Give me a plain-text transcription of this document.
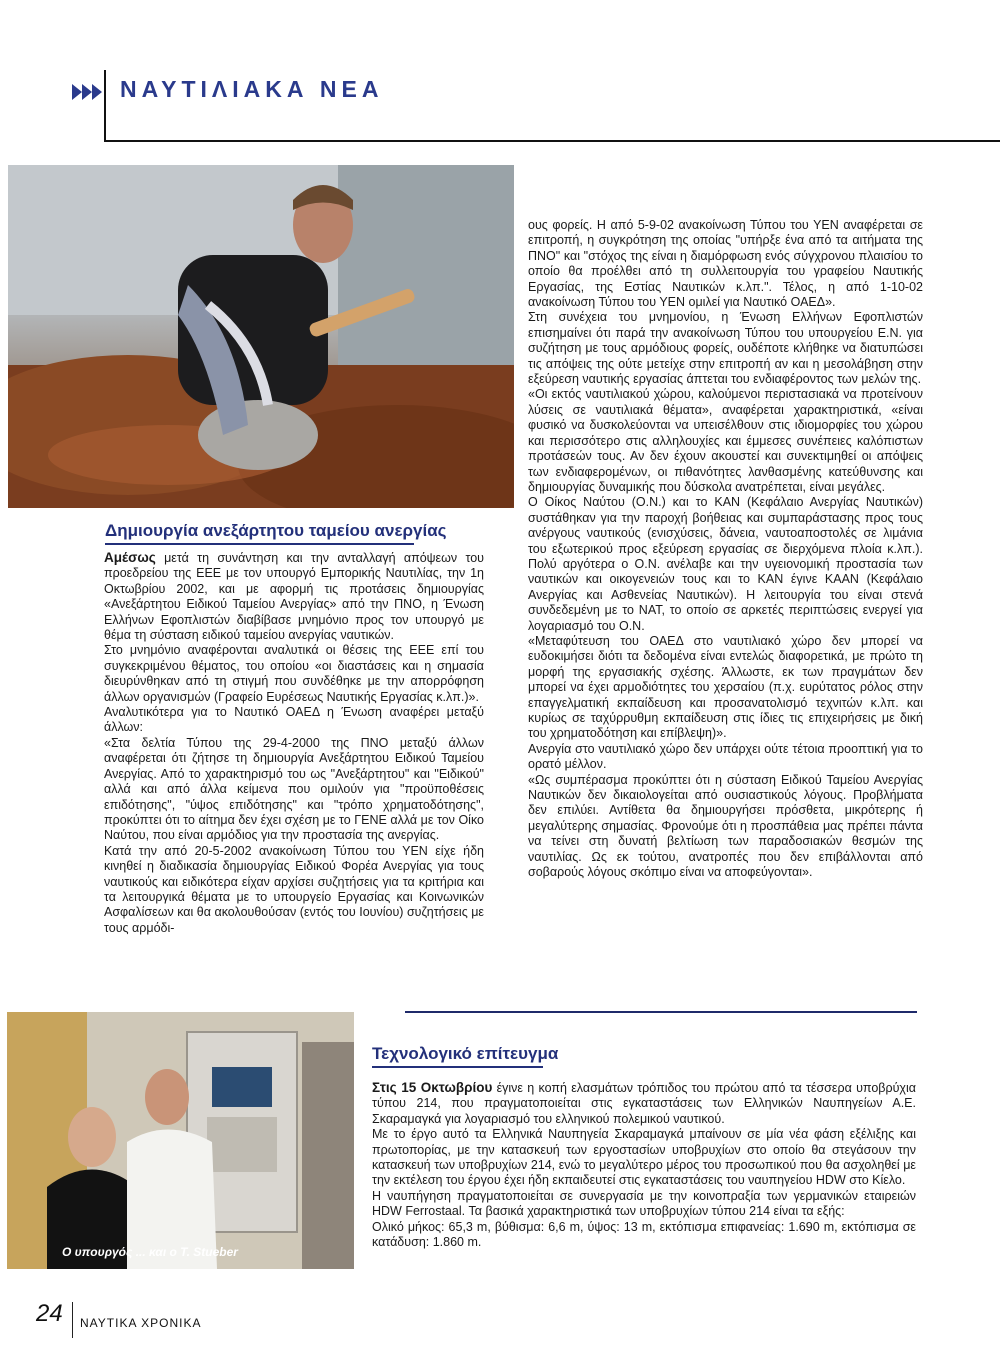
ΝΑΥΤΙΛΙΑΚΑ ΝΕΑ
Δημιουργία ανεξάρτητου ταμείου ανεργίας

Αμέσως μετά τη συνάντηση και την ανταλλαγή απόψεων του προεδρείου της ΕΕΕ με τον υπουργό Εμπορικής Ναυτιλίας, την 1η Οκτωβρίου 2002, και με αφορμή τις προτάσεις δημιουργίας «Ανεξάρτητου Ειδικού Ταμείου Ανεργίας» από την ΠΝΟ, η Ένωση Ελλήνων Εφοπλιστών διαβίβασε μνημόνιο προς τον υπουργό με θέμα τη σύσταση ειδικού ταμείου ανεργίας ναυτικών.

Στο μνημόνιο αναφέρονται αναλυτικά οι θέσεις της ΕΕΕ επί του συγκεκριμένου θέματος, του οποίου «οι διαστάσεις και η σημασία διευρύνθηκαν από τη στιγμή που συνδέθηκε με την απορρόφηση άλλων οργανισμών (Γραφείο Ευρέσεως Ναυτικής Εργασίας κ.λπ.)».

Αναλυτικότερα για το Ναυτικό ΟΑΕΔ η Ένωση αναφέρει μεταξύ άλλων:

«Στα δελτία Τύπου της 29-4-2000 της ΠΝΟ μεταξύ άλλων αναφέρεται ότι ζήτησε τη δημιουργία Ανεξάρτητου Ειδικού Ταμείου Ανεργίας. Από το χαρακτηρισμό του ως "Ανεξάρτητου" και "Ειδικού" αλλά και από άλλα κείμενα που ομιλούν για "προϋποθέσεις επιδότησης", "ύψος επιδότησης" και "τρόπο χρηματοδότησης", προκύπτει ότι το αίτημα δεν έχει σχέση με το ΓΕΝΕ αλλά με τον Οίκο Ναύτου, που είναι αρμόδιος για την προστασία της ανεργίας.

Κατά την από 20-5-2002 ανακοίνωση Τύπου του ΥΕΝ είχε ήδη κινηθεί η διαδικασία δημιουργίας Ειδικού Φορέα Ανεργίας για τους ναυτικούς και ειδικότερα είχαν αρχίσει συζητήσεις για τα κριτήρια και τα λειτουργικά θέματα με το υπουργείο Εργασίας και Κοινωνικών Ασφαλίσεων και θα ακολουθούσαν (εντός του Ιουνίου) συζητήσεις με τους αρμόδι-

ους φορείς. Η από 5-9-02 ανακοίνωση Τύπου του ΥΕΝ αναφέρεται σε επιτροπή, η συγκρότηση της οποίας "υπήρξε ένα από τα αιτήματα της ΠΝΟ" και "στόχος της είναι η διαμόρφωση ενός σύγχρονου πλαισίου το οποίο θα προέλθει από τη συλλειτουργία του γραφείου Ναυτικής Εργασίας, της Εστίας Ναυτικών κ.λπ.". Τέλος, η από 1-10-02 ανακοίνωση Τύπου του ΥΕΝ ομιλεί για Ναυτικό ΟΑΕΔ».

Στη συνέχεια του μνημονίου, η Ένωση Ελλήνων Εφοπλιστών επισημαίνει ότι παρά την ανακοίνωση Τύπου του υπουργείου Ε.Ν. για συζήτηση με τους αρμόδιους φορείς, ουδέποτε κλήθηκε να διατυπώσει τις απόψεις της ούτε μετείχε στην επιτροπή αν και η μεσολάβηση στην εξεύρεση ναυτικής εργασίας άπτεται του ενδιαφέροντος των μελών της.

«Οι εκτός ναυτιλιακού χώρου, καλούμενοι περιστασιακά να προτείνουν λύσεις σε ναυτιλιακά θέματα», αναφέρεται χαρακτηριστικά, «είναι φυσικό να δυσκολεύονται να υπεισέλθουν στις ιδιομορφίες του χώρου και περισσότερο στις αλληλουχίες και έμμεσες συνέπειες καλόπιστων προτάσεών τους. Αν δεν έχουν ακουστεί και συνεκτιμηθεί οι απόψεις των ενδιαφερομένων, οι πιθανότητες λανθασμένης κατεύθυνσης και δημιουργίας δυναμικής που δύσκολα ανατρέπεται, είναι μεγάλες.

Ο Οίκος Ναύτου (Ο.Ν.) και το ΚΑΝ (Κεφάλαιο Ανεργίας Ναυτικών) συστάθηκαν για την παροχή βοήθειας και συμπαράστασης προς τους ανέργους ναυτικούς (ενισχύσεις, δάνεια, ναυτοαποστολές σε λιμάνια του εξωτερικού προς εξεύρεση εργασίας σε διερχόμενα πλοία κ.λπ.). Πολύ αργότερα ο Ο.Ν. ανέλαβε και την υγειονομική προστασία των ναυτικών και οικογενειών τους και το ΚΑΝ έγινε ΚΑΑΝ (Κεφάλαιο Ανεργίας και Ασθενείας Ναυτικών). Η λειτουργία του είναι στενά συνδεδεμένη με το ΝΑΤ, το οποίο σε αρκετές περιπτώσεις ενεργεί για λογαριασμό του Ο.Ν.

«Μεταφύτευση του ΟΑΕΔ στο ναυτιλιακό χώρο δεν μπορεί να ευδοκιμήσει διότι τα δεδομένα είναι εντελώς διαφορετικά, με πρώτο τη μορφή της εργασιακής σχέσης. Άλλωστε, εκ των πραγμάτων δεν μπορεί να έχει αρμοδιότητες του χερσαίου (π.χ. ευρύτατος ρόλος στην επαγγελματική εκπαίδευση και προσανατολισμό τεχνιτών κ.λπ. και κυρίως σε ταχύρρυθμη εκπαίδευση στις ίδιες τις επιχειρήσεις με δική του χρηματοδότηση και επίβλεψη)».

Ανεργία στο ναυτιλιακό χώρο δεν υπάρχει ούτε τέτοια προοπτική για το ορατό μέλλον.

«Ως συμπέρασμα προκύπτει ότι η σύσταση Ειδικού Ταμείου Ανεργίας Ναυτικών δεν δικαιολογείται από ουσιαστικούς λόγους. Προβλήματα δεν επιλύει. Αντίθετα θα δημιουργήσει πρόσθετα, μικρότερης ή μεγαλύτερης σημασίας. Φρονούμε ότι η προσπάθεια μας πρέπει πάντα να τείνει στη δυνατή βελτίωση των παραδοσιακών θεσμών της ναυτιλίας. Ως εκ τούτου, ανατροπές που δεν επιβάλλονται από σοβαρούς λόγους σκόπιμο είναι να αποφεύγονται».

Ο υπουργός ... και ο T. Stueber
Τεχνολογικό επίτευγμα

Στις 15 Οκτωβρίου έγινε η κοπή ελασμάτων τρόπιδος του πρώτου από τα τέσσερα υποβρύχια τύπου 214, που πραγματοποιείται στις εγκαταστάσεις των Ελληνικών Ναυπηγείων Α.Ε. Σκαραμαγκά για λογαριασμό του ελληνικού πολεμικού ναυτικού.

Με το έργο αυτό τα Ελληνικά Ναυπηγεία Σκαραμαγκά μπαίνουν σε μία νέα φάση εξέλιξης και πρωτοπορίας, με την κατασκευή των εργοστασίων υποβρυχίων στο οποίο θα στεγάσουν την κατασκευή των υποβρυχίων 214, ενώ το μεγαλύτερο μέρος του προσωπικού που θα ασχοληθεί με την εκτέλεση του έργου έχει ήδη εκπαιδευτεί στις εγκαταστάσεις του ναυπηγείου HDW στο Κίελο.

Η ναυπήγηση πραγματοποιείται σε συνεργασία με την κοινοπραξία των γερμανικών εταιρειών HDW Ferrostaal. Τα βασικά χαρακτηριστικά των υποβρυχίων τύπου 214 είναι τα εξής:

Ολικό μήκος: 65,3 m, βύθισμα: 6,6 m, ύψος: 13 m, εκτόπισμα επιφανείας: 1.690 m, εκτόπισμα σε κατάδυση: 1.860 m.

24 ΝΑΥΤΙΚΑ ΧΡΟΝΙΚΑ
